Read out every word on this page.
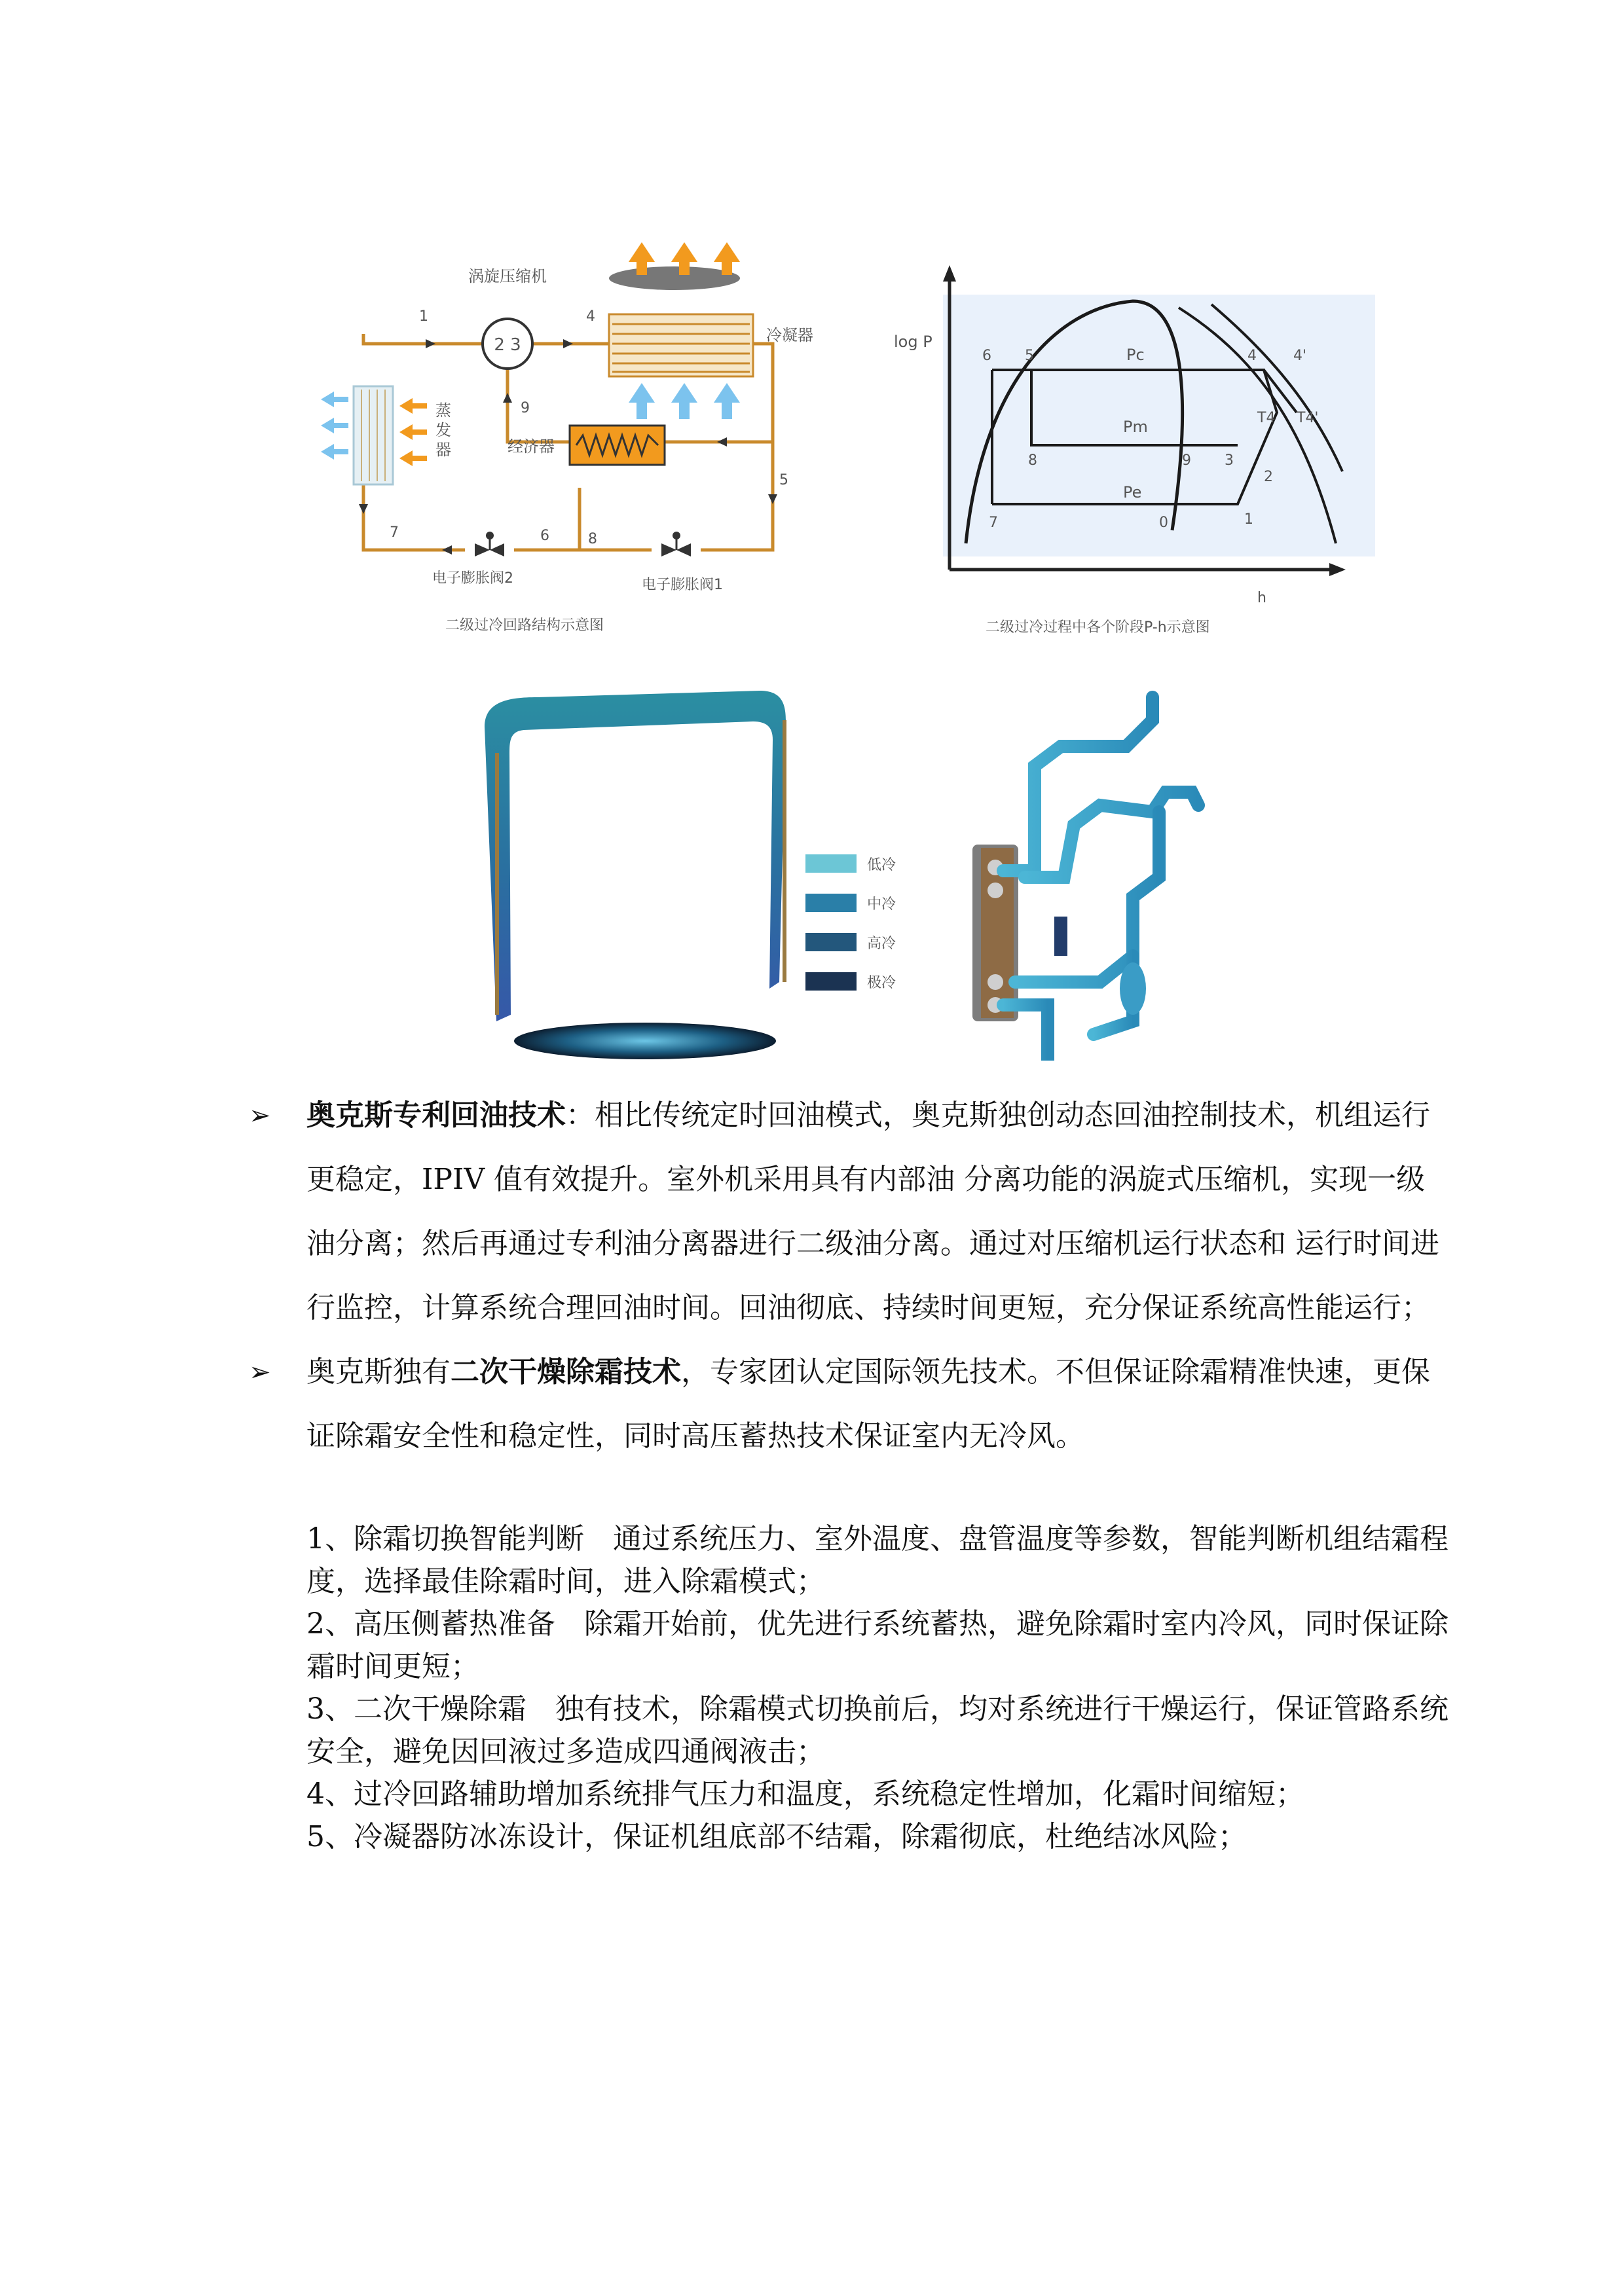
2 3
涡旋压缩机
冷凝器
蒸
发
器	经济器
电子膨胀阀2	电子膨胀阀1
1	4
9
5
6
7	8
二级过冷回路结构示意图
log P
h
Pc
Pm
Pe
6 5	4	4'
T4 T4'
8	9 3
2
7	0	1
二级过冷过程中各个阶段P-h示意图
低冷
中冷
高冷
极冷
➢ 奥克斯专利回油技术：相比传统定时回油模式，奥克斯独创动态回油控制技术，机组运行更稳定，IPIV 值有效提升。室外机采用具有内部油 分离功能的涡旋式压缩机，实现一级油分离；然后再通过专利油分离器进行二级油分离。通过对压缩机运行状态和 运行时间进行监控，计算系统合理回油时间。回油彻底、持续时间更短，充分保证系统高性能运行；
➢ 奥克斯独有二次干燥除霜技术，专家团认定国际领先技术。不但保证除霜精准快速，更保证除霜安全性和稳定性，同时高压蓄热技术保证室内无冷风。
1、除霜切换智能判断　通过系统压力、室外温度、盘管温度等参数，智能判断机组结霜程度，选择最佳除霜时间，进入除霜模式；
2、高压侧蓄热准备　除霜开始前，优先进行系统蓄热，避免除霜时室内冷风，同时保证除霜时间更短；
3、二次干燥除霜　独有技术，除霜模式切换前后，均对系统进行干燥运行，保证管路系统安全，避免因回液过多造成四通阀液击；
4、过冷回路辅助增加系统排气压力和温度，系统稳定性增加，化霜时间缩短；
5、冷凝器防冰冻设计，保证机组底部不结霜，除霜彻底，杜绝结冰风险；
